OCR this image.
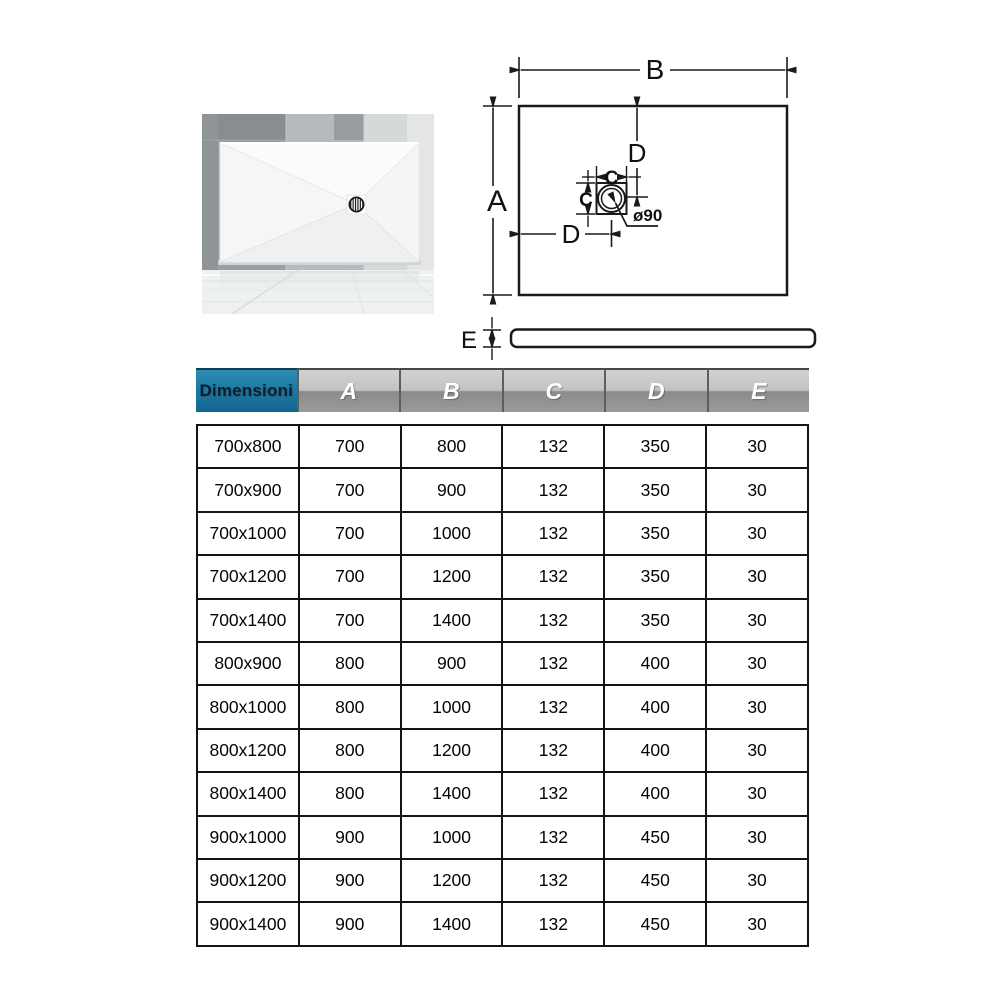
B
A
D
D
C
C
ø90
E
Dimensioni	A	B	C	D	E
700x800	700	800	132	350	30
700x900	700	900	132	350	30
700x1000	700	1000	132	350	30
700x1200	700	1200	132	350	30
700x1400	700	1400	132	350	30
800x900	800	900	132	400	30
800x1000	800	1000	132	400	30
800x1200	800	1200	132	400	30
800x1400	800	1400	132	400	30
900x1000	900	1000	132	450	30
900x1200	900	1200	132	450	30
900x1400	900	1400	132	450	30
